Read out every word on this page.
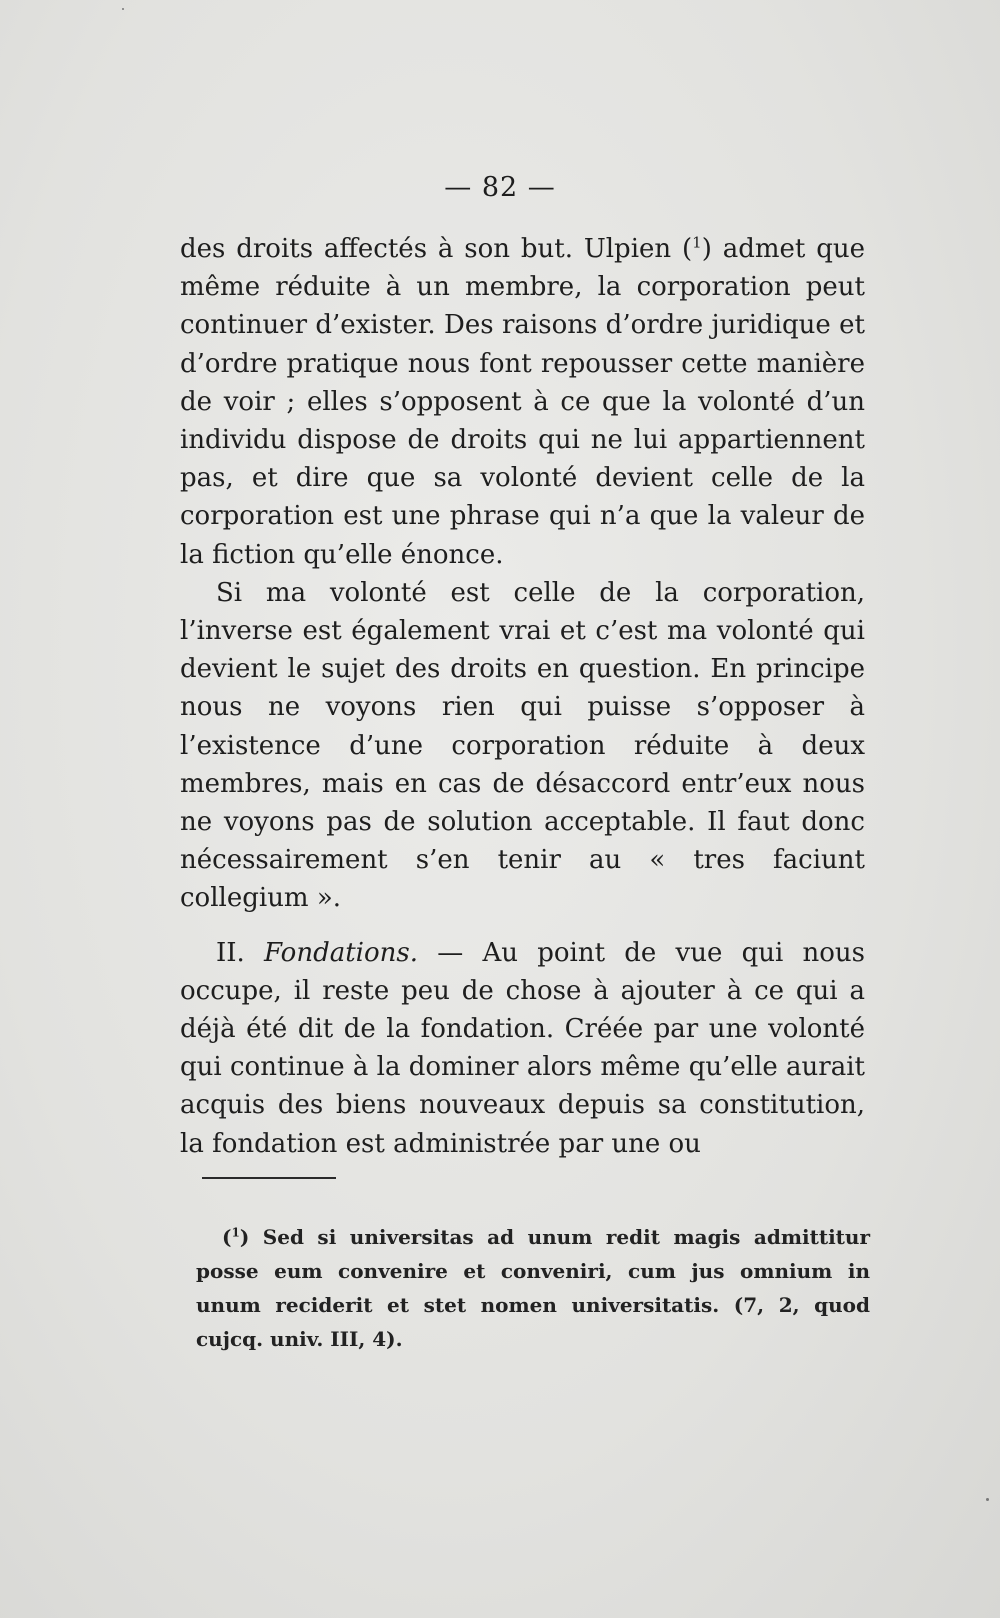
— 82 —

des droits affectés à son but. Ulpien ($^1$) admet que même réduite à un membre, la corporation peut continuer d’exister. Des raisons d’ordre juridique et d’ordre pratique nous font repousser cette manière de voir ; elles s’opposent à ce que la volonté d’un individu dispose de droits qui ne lui appartiennent pas, et dire que sa volonté devient celle de la corporation est une phrase qui n’a que la valeur de la fiction qu’elle énonce.

Si ma volonté est celle de la corporation, l’inverse est également vrai et c’est ma volonté qui devient le sujet des droits en question. En principe nous ne voyons rien qui puisse s’opposer à l’existence d’une corporation réduite à deux membres, mais en cas de désaccord entr’eux nous ne voyons pas de solution acceptable. Il faut donc nécessairement s’en tenir au « tres faciunt collegium ».

II. Fondations. — Au point de vue qui nous occupe, il reste peu de chose à ajouter à ce qui a déjà été dit de la fondation. Créée par une volonté qui continue à la dominer alors même qu’elle aurait acquis des biens nouveaux depuis sa constitution, la fondation est administrée par une ou

($^1$) Sed si universitas ad unum redit magis admittitur posse eum convenire et conveniri, cum jus omnium in unum reciderit et stet nomen universitatis. (7, 2, quod cujcq. univ. III, 4).
